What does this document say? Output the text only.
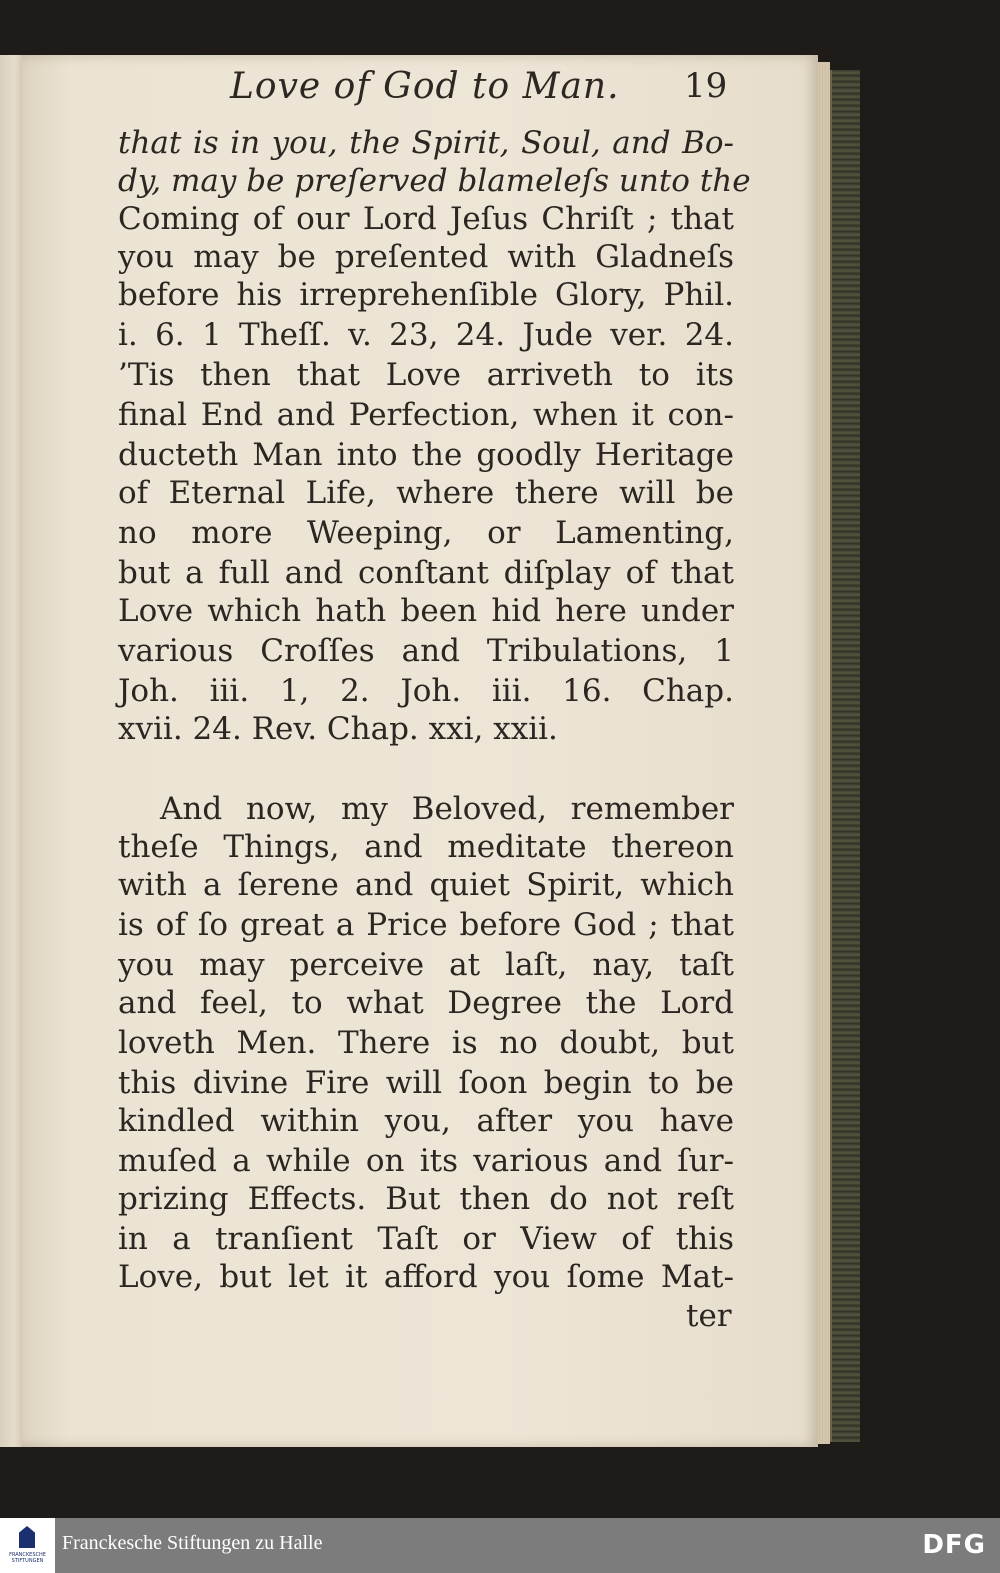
Love of God to Man. 19
that is in you, the Spirit, Soul, and Bo-
dy, may be preſerved blameleſs unto the
Coming of our Lord Jeſus Chriſt ; that
you may be preſented with Gladneſs
before his irreprehenſible Glory, Phil.
i. 6. 1 Theſſ. v. 23, 24. Jude ver. 24.
’Tis then that Love arriveth to its
final End and Perfection, when it con-
ducteth Man into the goodly Heritage
of Eternal Life, where there will be
no more Weeping, or Lamenting,
but a full and conſtant diſplay of that
Love which hath been hid here under
various Croſſes and Tribulations, 1
Joh. iii. 1, 2. Joh. iii. 16. Chap.
xvii. 24. Rev. Chap. xxi, xxii.
And now, my Beloved, remember
theſe Things, and meditate thereon
with a ſerene and quiet Spirit, which
is of ſo great a Price before God ; that
you may perceive at laſt, nay, taſt
and feel, to what Degree the Lord
loveth Men. There is no doubt, but
this divine Fire will ſoon begin to be
kindled within you, after you have
muſed a while on its various and ſur-
prizing Effects. But then do not reſt
in a tranſient Taſt or View of this
Love, but let it afford you ſome Mat-
ter
FRANCKESCHE STIFTUNGEN
Franckesche Stiftungen zu Halle	DFG
